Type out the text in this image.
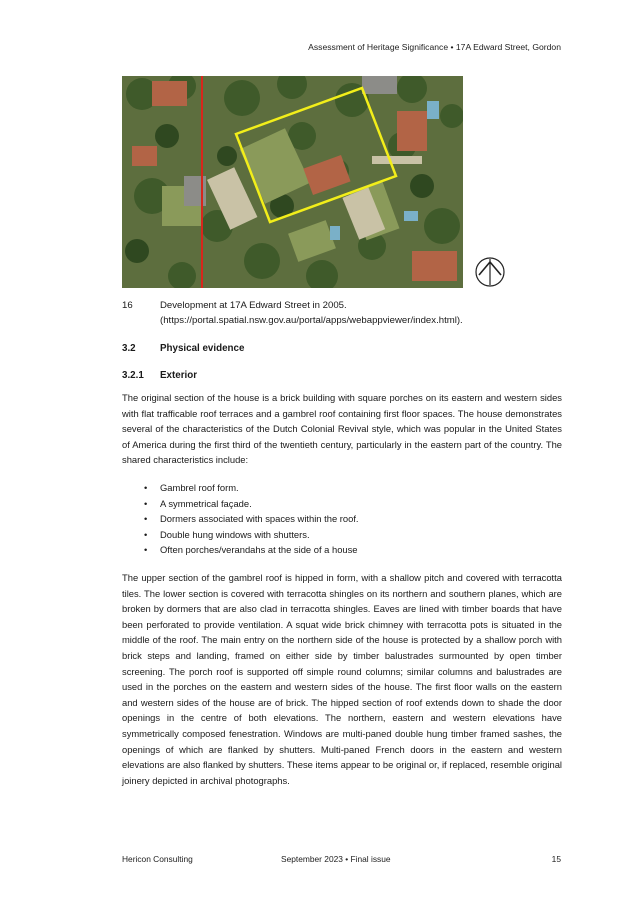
Assessment of Heritage Significance • 17A Edward Street, Gordon
16	Development at 17A Edward Street in 2005.
(https://portal.spatial.nsw.gov.au/portal/apps/webappviewer/index.html).
3.2 Physical evidence
3.2.1 Exterior

The original section of the house is a brick building with square porches on its eastern and western sides with flat trafficable roof terraces and a gambrel roof containing first floor spaces. The house demonstrates several of the characteristics of the Dutch Colonial Revival style, which was popular in the United States of America during the first third of the twentieth century, particularly in the eastern part of the country. The shared characteristics include:

• Gambrel roof form.
• A symmetrical façade.
• Dormers associated with spaces within the roof.
• Double hung windows with shutters.
• Often porches/verandahs at the side of a house

The upper section of the gambrel roof is hipped in form, with a shallow pitch and covered with terracotta tiles. The lower section is covered with terracotta shingles on its northern and southern planes, which are broken by dormers that are also clad in terracotta shingles. Eaves are lined with timber boards that have been perforated to provide ventilation. A squat wide brick chimney with terracotta pots is situated in the middle of the roof. The main entry on the northern side of the house is protected by a shallow porch with brick steps and landing, framed on either side by timber balustrades surmounted by open timber screening. The porch roof is supported off simple round columns; similar columns and balustrades are used in the porches on the eastern and western sides of the house. The first floor walls on the eastern and western sides of the house are of brick. The hipped section of roof extends down to shade the door openings in the centre of both elevations. The northern, eastern and western elevations have symmetrically composed fenestration. Windows are multi-paned double hung timber framed sashes, the openings of which are flanked by shutters. Multi-paned French doors in the eastern and western elevations are also flanked by shutters. These items appear to be original or, if replaced, resemble original joinery depicted in archival photographs.

Hericon Consulting	September 2023 • Final issue	15
